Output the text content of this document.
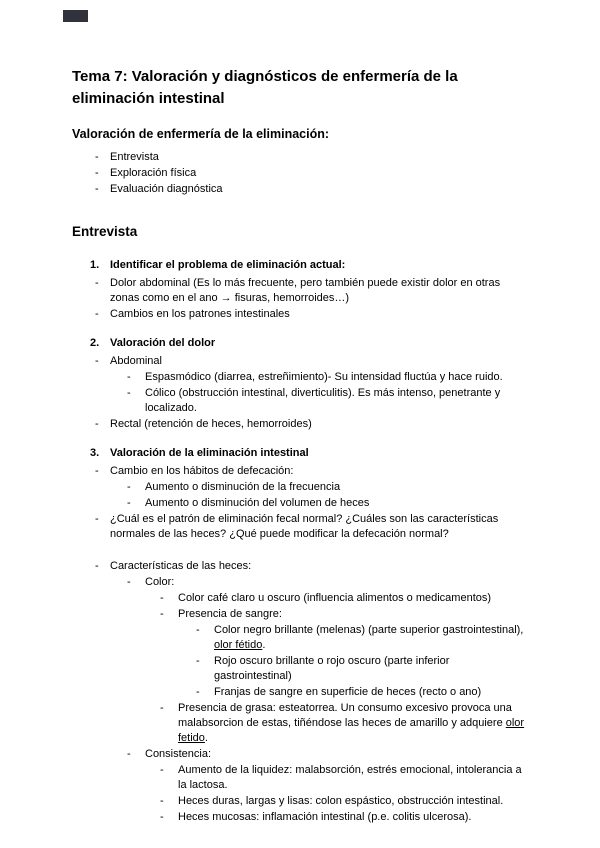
Tema 7: Valoración y diagnósticos de enfermería de la eliminación intestinal
Valoración de enfermería de la eliminación:
-	Entrevista
-	Exploración física
-	Evaluación diagnóstica
Entrevista
1. Identificar el problema de eliminación actual:
-	Dolor abdominal (Es lo más frecuente, pero también puede existir dolor en otras zonas como en el ano → fisuras, hemorroides…)
-	Cambios en los patrones intestinales
2. Valoración del dolor
-	Abdominal
-	Espasmódico (diarrea, estreñimiento)- Su intensidad fluctúa y hace ruido.
-	Cólico (obstrucción intestinal, diverticulitis). Es más intenso, penetrante y localizado.
-	Rectal (retención de heces, hemorroides)
3. Valoración de la eliminación intestinal
-	Cambio en los hábitos de defecación:
-	Aumento o disminución de la frecuencia
-	Aumento o disminución del volumen de heces
-	¿Cuál es el patrón de eliminación fecal normal? ¿Cuáles son las características normales de las heces? ¿Qué puede modificar la defecación normal?
-	Características de las heces:
-	Color:
-	Color café claro u oscuro (influencia alimentos o medicamentos)
-	Presencia de sangre:
-	Color negro brillante (melenas) (parte superior gastrointestinal), olor fétido.
-	Rojo oscuro brillante o rojo oscuro (parte inferior gastrointestinal)
-	Franjas de sangre en superficie de heces (recto o ano)
-	Presencia de grasa: esteatorrea. Un consumo excesivo provoca una malabsorcion de estas, tiñéndose las heces de amarillo y adquiere olor fetido.
-	Consistencia:
-	Aumento de la liquidez: malabsorción, estrés emocional, intolerancia a la lactosa.
-	Heces duras, largas y lisas: colon espástico, obstrucción intestinal.
-	Heces mucosas: inflamación intestinal (p.e. colitis ulcerosa).
